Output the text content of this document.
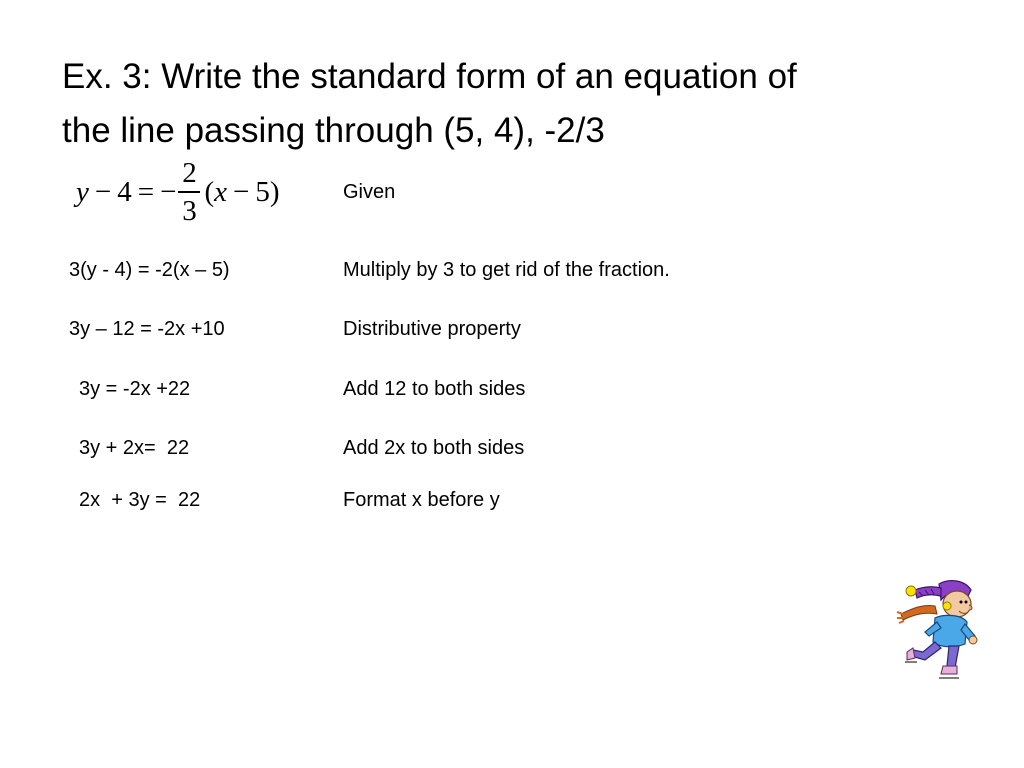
Ex. 3: Write the standard form of an equation of
the line passing through (5, 4), -2/3
y − 4 = − $\frac{2}{3}$ ( x − 5 )	Given
3(y - 4) = -2(x – 5)	Multiply by 3 to get rid of the fraction.
3y – 12 = -2x +10	Distributive property
3y = -2x +22	Add 12 to both sides
3y + 2x=  22	Add 2x to both sides
2x  + 3y =  22	Format x before y
